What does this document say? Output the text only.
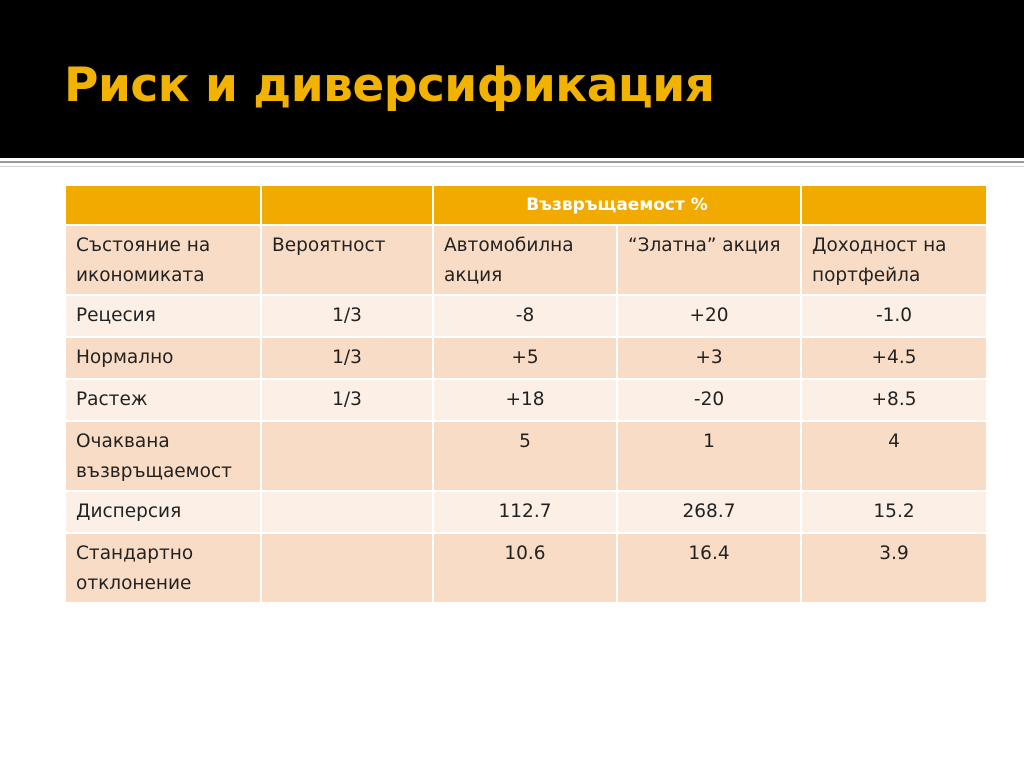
Риск и диверсификация
		Възвръщаемост %		
Състояние на икономиката	Вероятност	Автомобилна акция	“Златна” акция	Доходност на портфейла
Рецесия	1/3	-8	+20	-1.0
Нормално	1/3	+5	+3	+4.5
Растеж	1/3	+18	-20	+8.5
Очаквана възвръщаемост		5	1	4
Дисперсия		112.7	268.7	15.2
Стандартно отклонение		10.6	16.4	3.9
